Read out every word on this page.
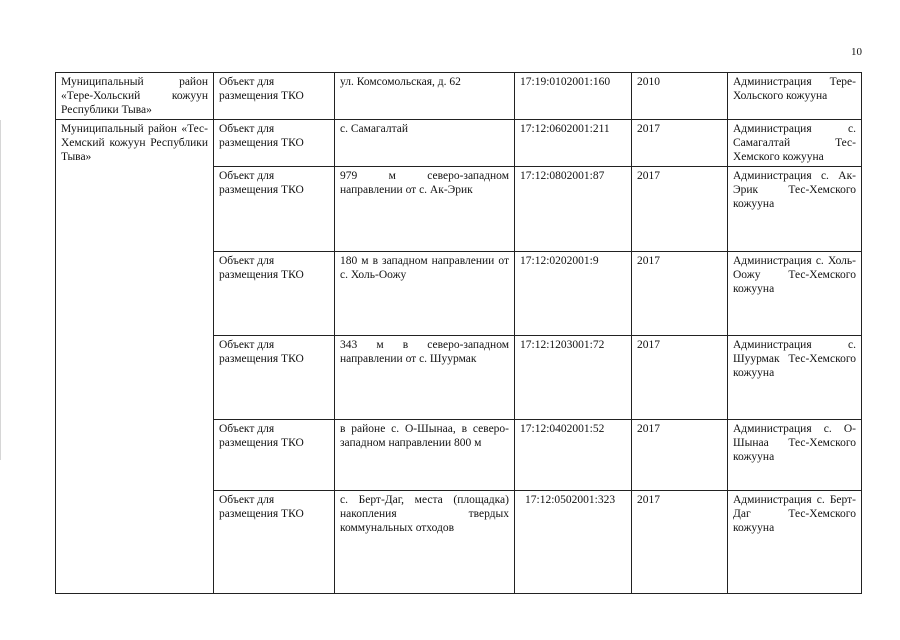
10
Муниципальный район «Тере-Хольский кожуун Республики Тыва»	Объект для размещения ТКО	ул. Комсомольская, д. 62	17:19:0102001:160	2010	Администрация Тере-Хольского кожууна
Муниципальный район «Тес-Хемский кожуун Республики Тыва»	Объект для размещения ТКО	с. Самагалтай	17:12:0602001:211	2017	Администрация с. Самагалтай Тес-Хемского кожууна
	Объект для размещения ТКО	979 м северо-западном направлении от с. Ак-Эрик	17:12:0802001:87	2017	Администрация с. Ак-Эрик Тес-Хемского кожууна
	Объект для размещения ТКО	180 м в западном направлении от с. Холь-Оожу	17:12:0202001:9	2017	Администрация с. Холь-Оожу Тес-Хемского кожууна
	Объект для размещения ТКО	343 м в северо-западном направлении от с. Шуурмак	17:12:1203001:72	2017	Администрация с. Шуурмак Тес-Хемского кожууна
	Объект для размещения ТКО	в районе с. О-Шынаа, в северо-западном направлении 800 м	17:12:0402001:52	2017	Администрация с. О-Шынаа Тес-Хемского кожууна
	Объект для размещения ТКО	с. Берт-Даг, места (площадка) накопления твердых коммунальных отходов	17:12:0502001:323	2017	Администрация с. Берт-Даг Тес-Хемского кожууна
